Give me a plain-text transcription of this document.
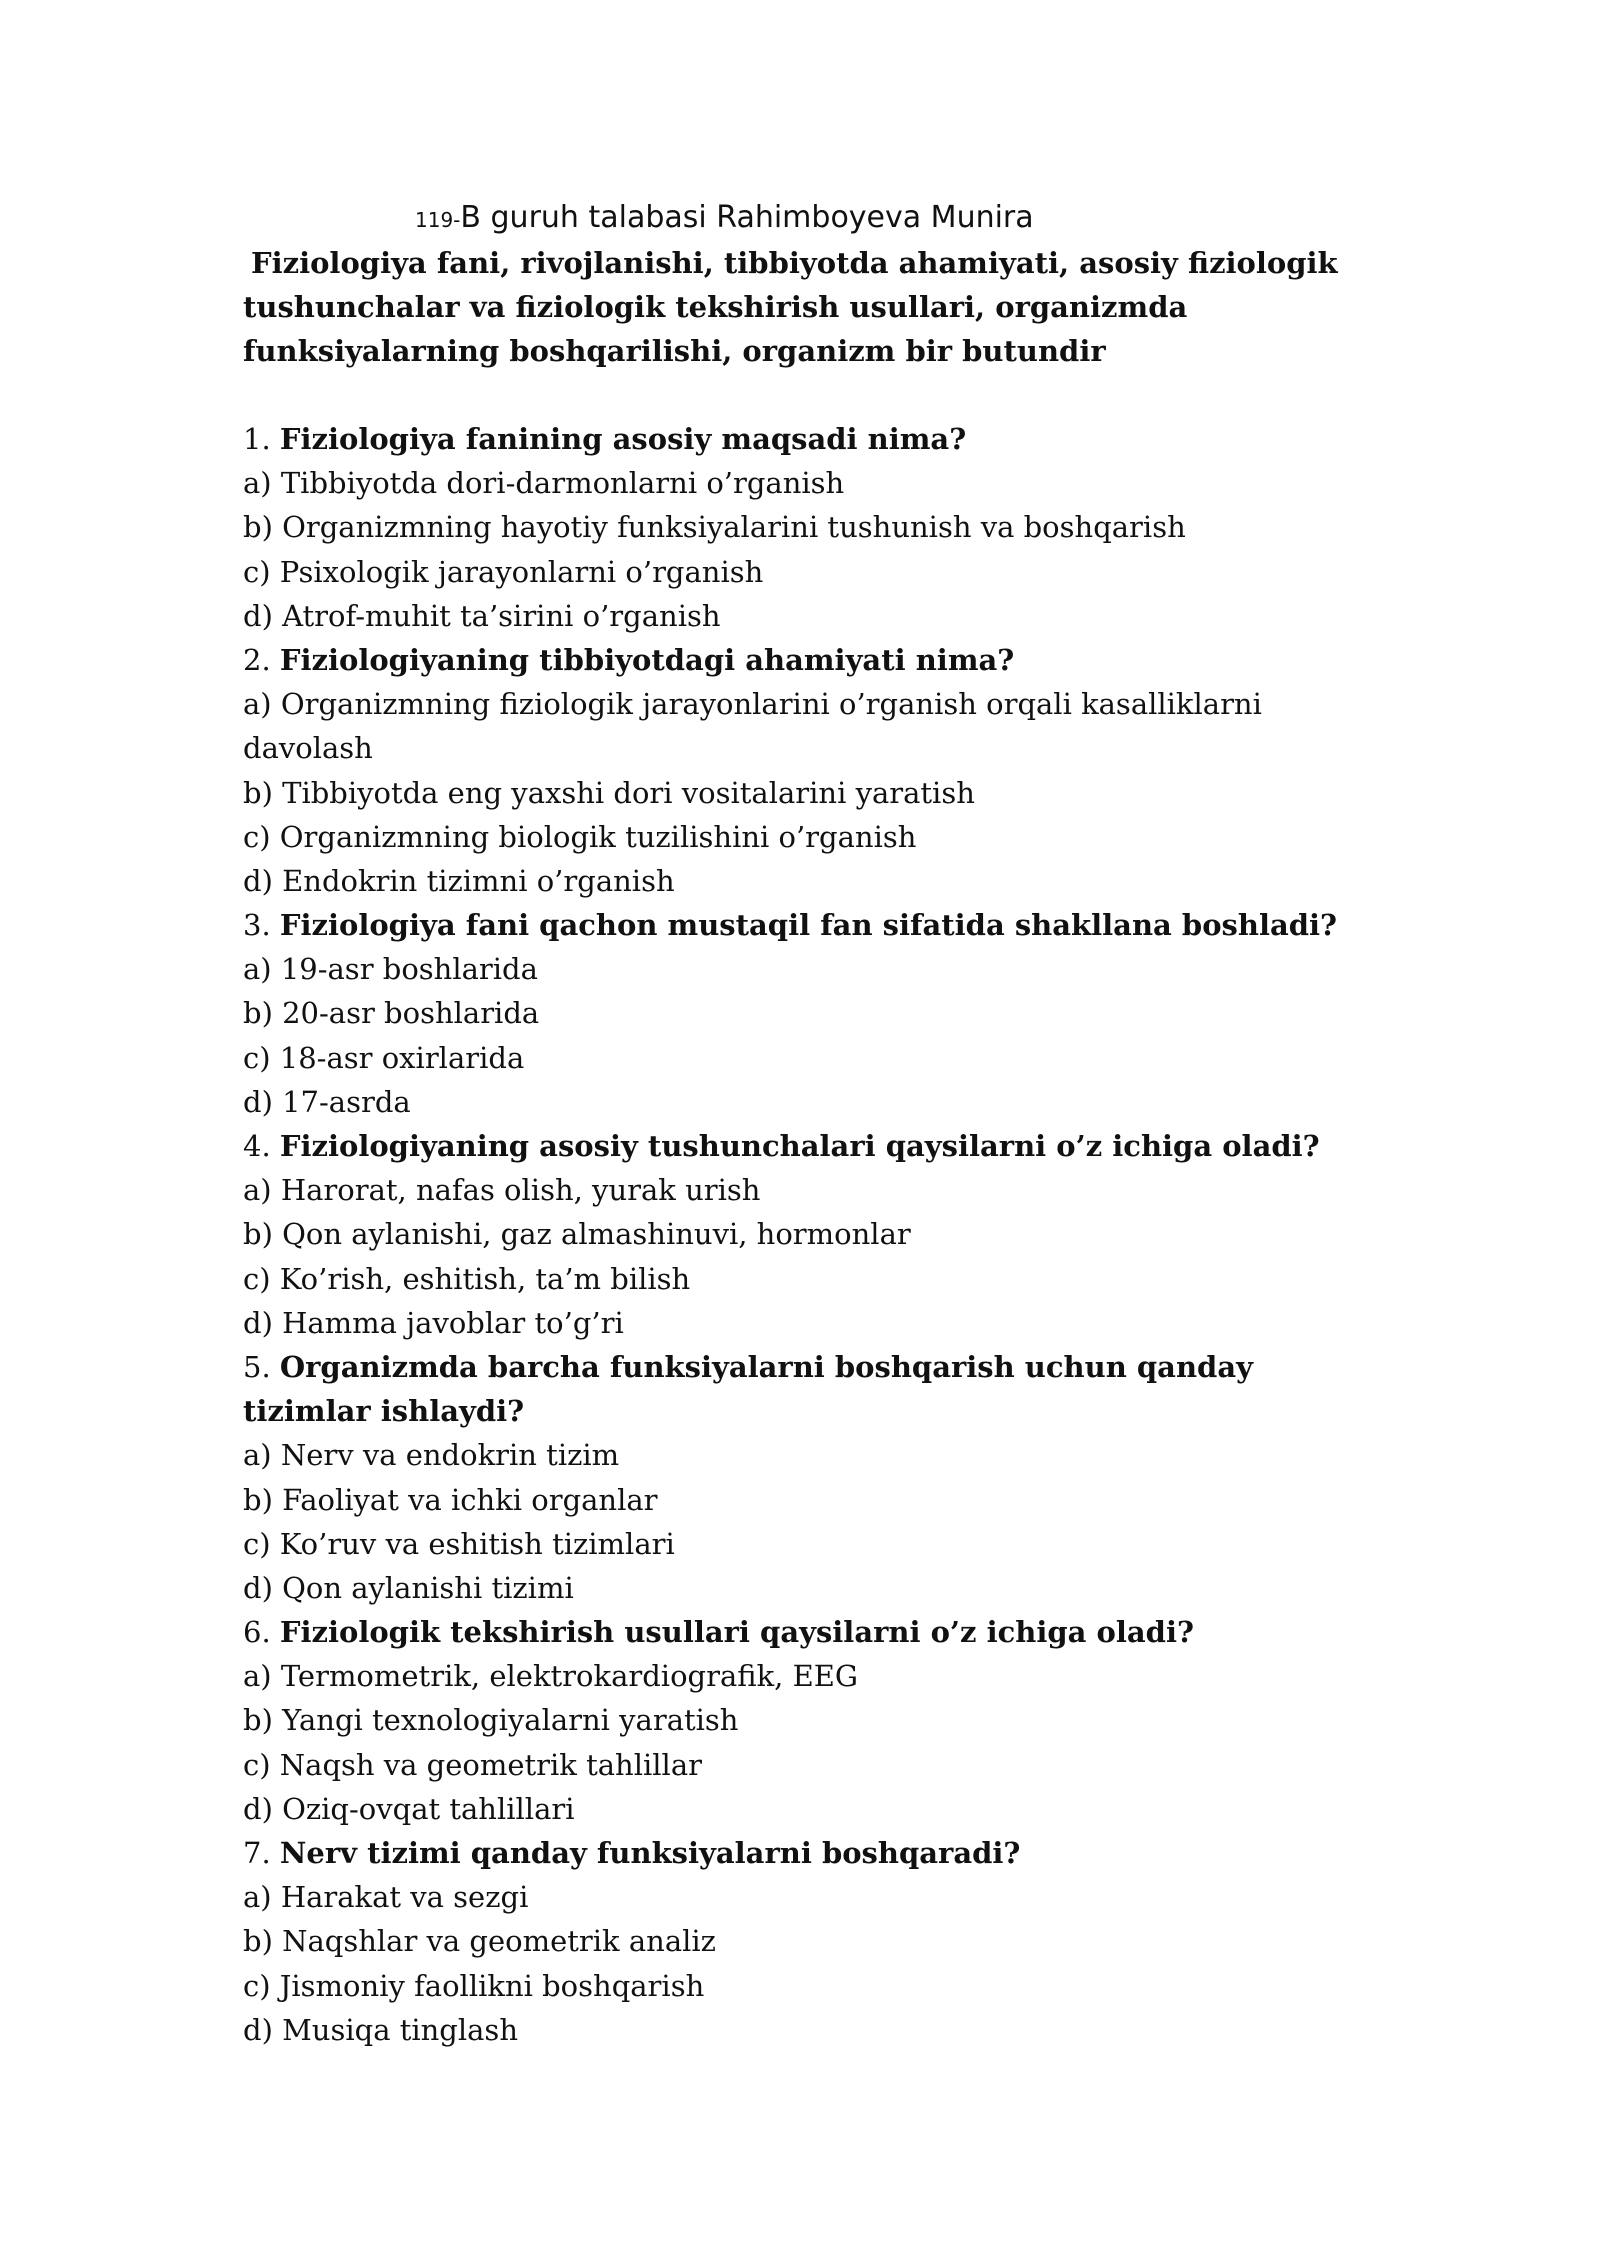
119-B guruh talabasi Rahimboyeva Munira
Fiziologiya fani, rivojlanishi, tibbiyotda ahamiyati, asosiy fiziologik
tushunchalar va fiziologik tekshirish usullari, organizmda
funksiyalarning boshqarilishi, organizm bir butundir
1. Fiziologiya fanining asosiy maqsadi nima?
a) Tibbiyotda dori-darmonlarni o’rganish
b) Organizmning hayotiy funksiyalarini tushunish va boshqarish
c) Psixologik jarayonlarni o’rganish
d) Atrof-muhit ta’sirini o’rganish
2. Fiziologiyaning tibbiyotdagi ahamiyati nima?
a) Organizmning fiziologik jarayonlarini o’rganish orqali kasalliklarni
davolash
b) Tibbiyotda eng yaxshi dori vositalarini yaratish
c) Organizmning biologik tuzilishini o’rganish
d) Endokrin tizimni o’rganish
3. Fiziologiya fani qachon mustaqil fan sifatida shakllana boshladi?
a) 19-asr boshlarida
b) 20-asr boshlarida
c) 18-asr oxirlarida
d) 17-asrda
4. Fiziologiyaning asosiy tushunchalari qaysilarni o’z ichiga oladi?
a) Harorat, nafas olish, yurak urish
b) Qon aylanishi, gaz almashinuvi, hormonlar
c) Ko’rish, eshitish, ta’m bilish
d) Hamma javoblar to’g’ri
5. Organizmda barcha funksiyalarni boshqarish uchun qanday
tizimlar ishlaydi?
a) Nerv va endokrin tizim
b) Faoliyat va ichki organlar
c) Ko’ruv va eshitish tizimlari
d) Qon aylanishi tizimi
6. Fiziologik tekshirish usullari qaysilarni o’z ichiga oladi?
a) Termometrik, elektrokardiografik, EEG
b) Yangi texnologiyalarni yaratish
c) Naqsh va geometrik tahlillar
d) Oziq-ovqat tahlillari
7. Nerv tizimi qanday funksiyalarni boshqaradi?
a) Harakat va sezgi
b) Naqshlar va geometrik analiz
c) Jismoniy faollikni boshqarish
d) Musiqa tinglash
